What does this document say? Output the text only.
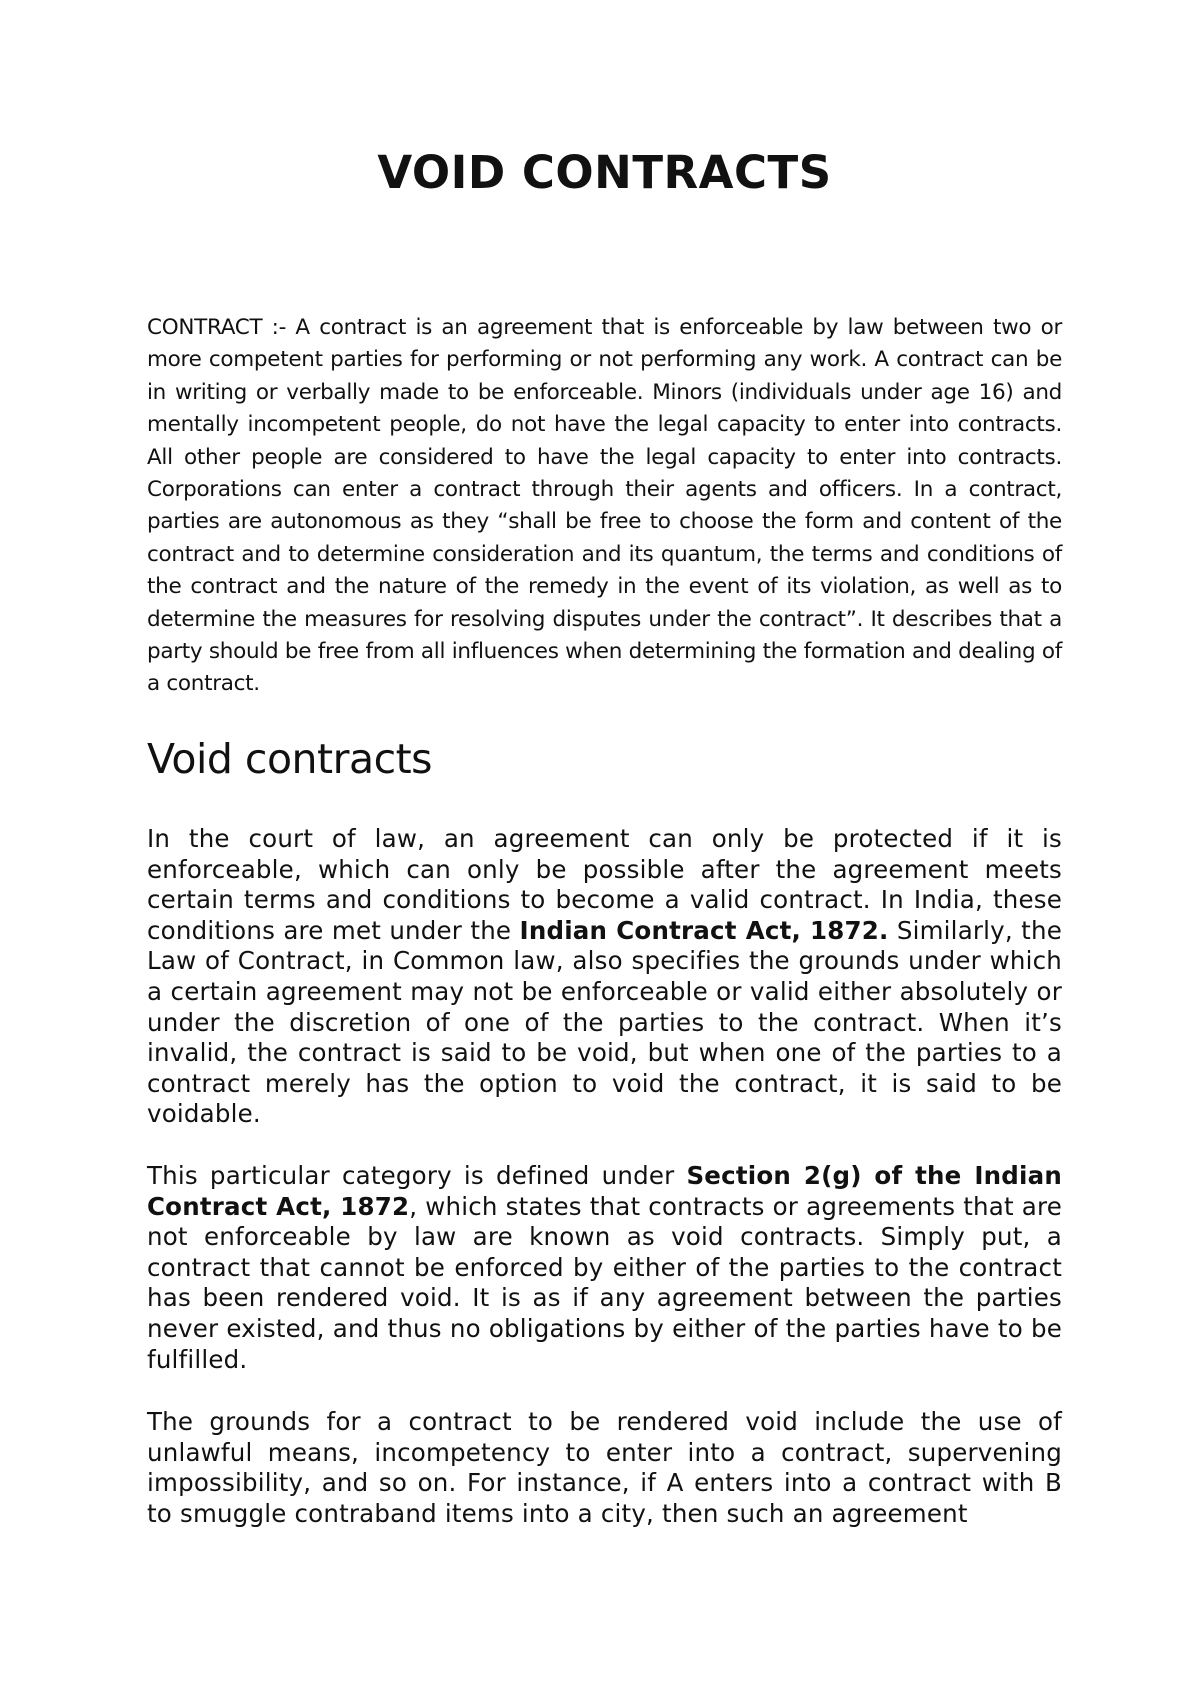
VOID CONTRACTS

CONTRACT :- A contract is an agreement that is enforceable by law between two or more competent parties for performing or not performing any work. A contract can be in writing or verbally made to be enforceable. Minors (individuals under age 16) and mentally incompetent people, do not have the legal capacity to enter into contracts. All other people are considered to have the legal capacity to enter into contracts. Corporations can enter a contract through their agents and officers. In a contract, parties are autonomous as they “shall be free to choose the form and content of the contract and to determine consideration and its quantum, the terms and conditions of the contract and the nature of the remedy in the event of its violation, as well as to determine the measures for resolving disputes under the contract”. It describes that a party should be free from all influences when determining the formation and dealing of a contract.

Void contracts

In the court of law, an agreement can only be protected if it is enforceable, which can only be possible after the agreement meets certain terms and conditions to become a valid contract. In India, these conditions are met under the Indian Contract Act, 1872. Similarly, the Law of Contract, in Common law, also specifies the grounds under which a certain agreement may not be enforceable or valid either absolutely or under the discretion of one of the parties to the contract. When it’s invalid, the contract is said to be void, but when one of the parties to a contract merely has the option to void the contract, it is said to be voidable.

This particular category is defined under Section 2(g) of the Indian Contract Act, 1872, which states that contracts or agreements that are not enforceable by law are known as void contracts. Simply put, a contract that cannot be enforced by either of the parties to the contract has been rendered void. It is as if any agreement between the parties never existed, and thus no obligations by either of the parties have to be fulfilled.

The grounds for a contract to be rendered void include the use of unlawful means, incompetency to enter into a contract, supervening impossibility, and so on. For instance, if A enters into a contract with B to smuggle contraband items into a city, then such an agreement
